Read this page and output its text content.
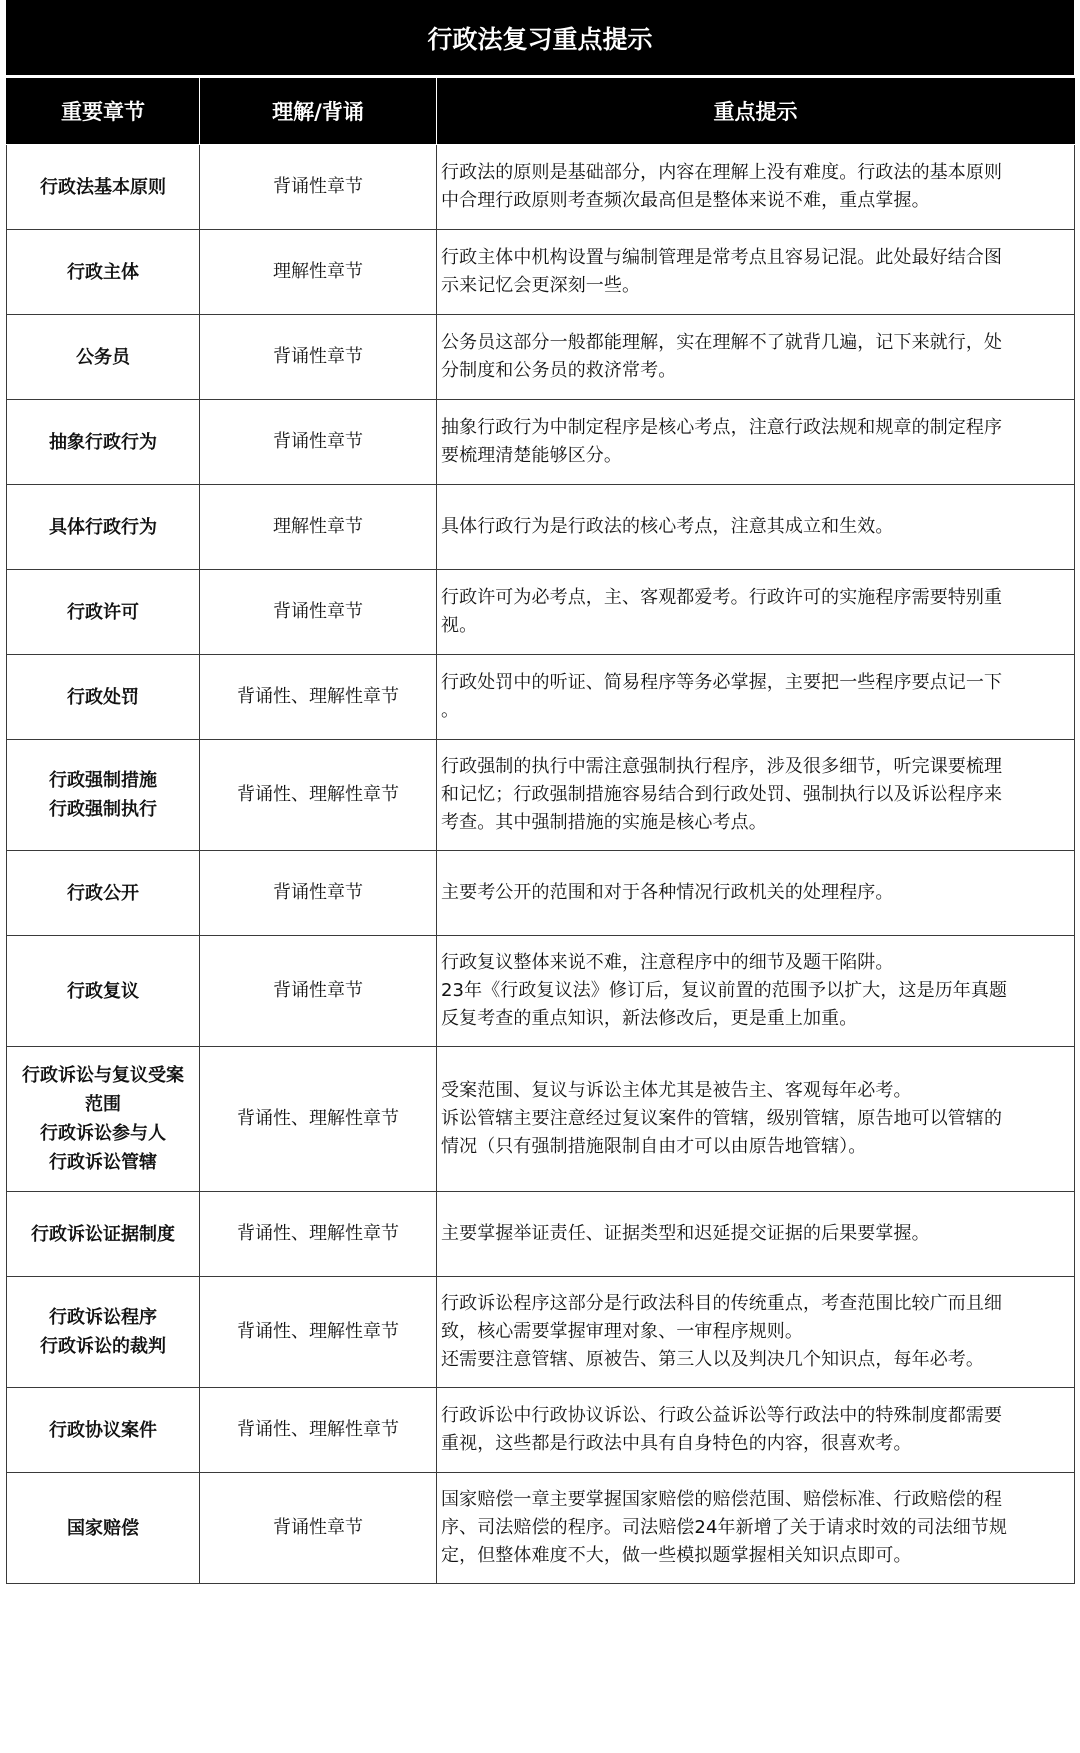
行政法复习重点提示
重要章节	理解/背诵	重点提示

行政法基本原则	背诵性章节	行政法的原则是基础部分，内容在理解上没有难度。行政法的基本原则
中合理行政原则考查频次最高但是整体来说不难，重点掌握。

行政主体	理解性章节	行政主体中机构设置与编制管理是常考点且容易记混。此处最好结合图
示来记忆会更深刻一些。

公务员	背诵性章节	公务员这部分一般都能理解，实在理解不了就背几遍，记下来就行，处
分制度和公务员的救济常考。

抽象行政行为	背诵性章节	抽象行政行为中制定程序是核心考点，注意行政法规和规章的制定程序
要梳理清楚能够区分。

具体行政行为	理解性章节	具体行政行为是行政法的核心考点，注意其成立和生效。

行政许可	背诵性章节	行政许可为必考点，主、客观都爱考。行政许可的实施程序需要特别重
视。

行政处罚	背诵性、理解性章节	行政处罚中的听证、简易程序等务必掌握，主要把一些程序要点记一下
。

行政强制措施
行政强制执行	背诵性、理解性章节	行政强制的执行中需注意强制执行程序，涉及很多细节，听完课要梳理
和记忆；行政强制措施容易结合到行政处罚、强制执行以及诉讼程序来
考查。其中强制措施的实施是核心考点。

行政公开	背诵性章节	主要考公开的范围和对于各种情况行政机关的处理程序。

行政复议	背诵性章节	行政复议整体来说不难，注意程序中的细节及题干陷阱。
23年《行政复议法》修订后，复议前置的范围予以扩大，这是历年真题
反复考查的重点知识，新法修改后，更是重上加重。

行政诉讼与复议受案
范围
行政诉讼参与人
行政诉讼管辖	背诵性、理解性章节	受案范围、复议与诉讼主体尤其是被告主、客观每年必考。
诉讼管辖主要注意经过复议案件的管辖，级别管辖，原告地可以管辖的
情况（只有强制措施限制自由才可以由原告地管辖）。

行政诉讼证据制度	背诵性、理解性章节	主要掌握举证责任、证据类型和迟延提交证据的后果要掌握。

行政诉讼程序
行政诉讼的裁判	背诵性、理解性章节	行政诉讼程序这部分是行政法科目的传统重点，考查范围比较广而且细
致，核心需要掌握审理对象、一审程序规则。
还需要注意管辖、原被告、第三人以及判决几个知识点，每年必考。

行政协议案件	背诵性、理解性章节	行政诉讼中行政协议诉讼、行政公益诉讼等行政法中的特殊制度都需要
重视，这些都是行政法中具有自身特色的内容，很喜欢考。

国家赔偿	背诵性章节	国家赔偿一章主要掌握国家赔偿的赔偿范围、赔偿标准、行政赔偿的程
序、司法赔偿的程序。司法赔偿24年新增了关于请求时效的司法细节规
定，但整体难度不大，做一些模拟题掌握相关知识点即可。
